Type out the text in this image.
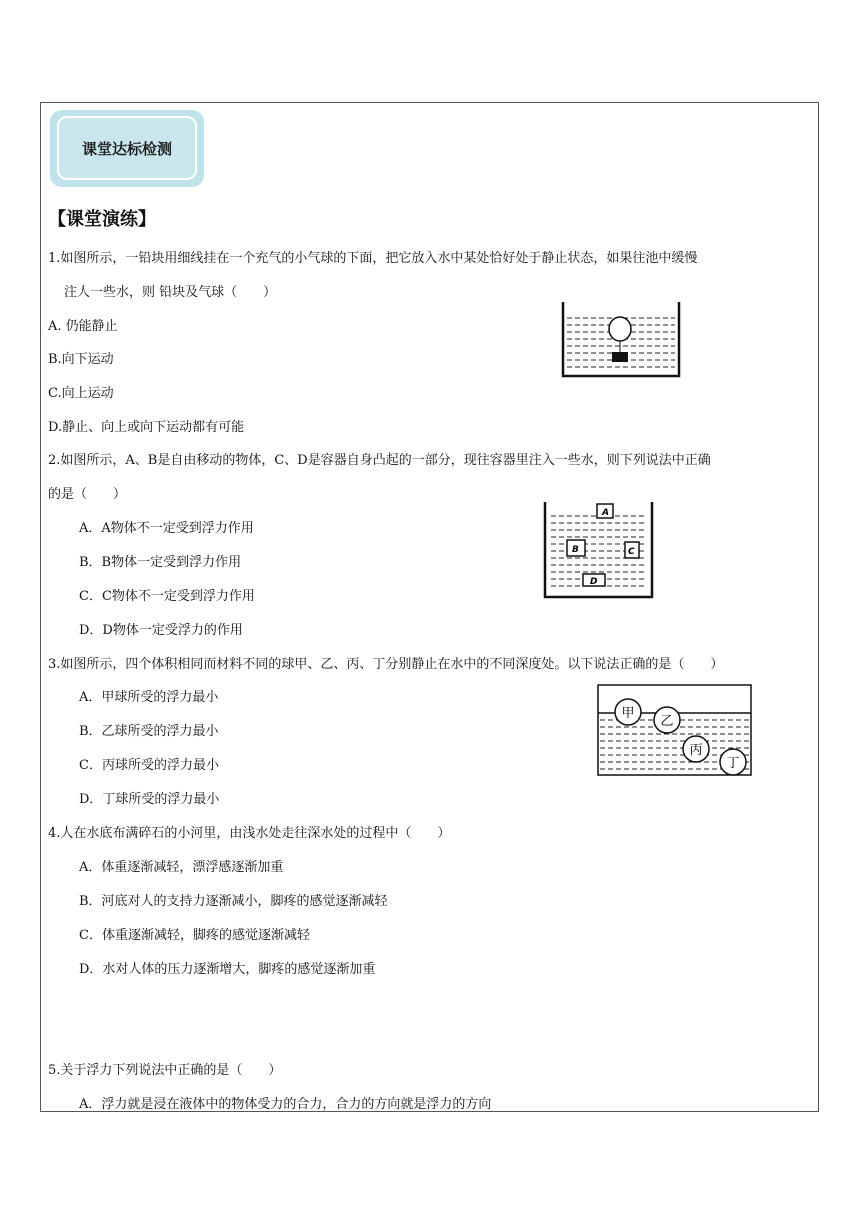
课堂达标检测
【课堂演练】
1.如图所示，一铅块用细线挂在一个充气的小气球的下面，把它放入水中某处恰好处于静止状态，如果往池中缓慢
注人一些水，则 铅块及气球（　　）
A. 仍能静止
B.向下运动
C.向上运动
D.静止、向上或向下运动都有可能
2.如图所示，A、B是自由移动的物体，C、D是容器自身凸起的一部分，现往容器里注入一些水，则下列说法中正确
的是（　　）
A．A物体不一定受到浮力作用
B．B物体一定受到浮力作用
C．C物体不一定受到浮力作用
D．D物体一定受浮力的作用
A
B	C
D
3.如图所示，四个体积相同而材料不同的球甲、乙、丙、丁分别静止在水中的不同深度处。以下说法正确的是（　　）
A．甲球所受的浮力最小
B．乙球所受的浮力最小
C．丙球所受的浮力最小
D．丁球所受的浮力最小
甲
乙
丙
丁
4.人在水底布满碎石的小河里，由浅水处走往深水处的过程中（　　）
A．体重逐渐减轻，漂浮感逐渐加重
B．河底对人的支持力逐渐减小，脚疼的感觉逐渐减轻
C．体重逐渐减轻，脚疼的感觉逐渐减轻
D．水对人体的压力逐渐增大，脚疼的感觉逐渐加重
5.关于浮力下列说法中正确的是（　　）
A．浮力就是浸在液体中的物体受力的合力，合力的方向就是浮力的方向
